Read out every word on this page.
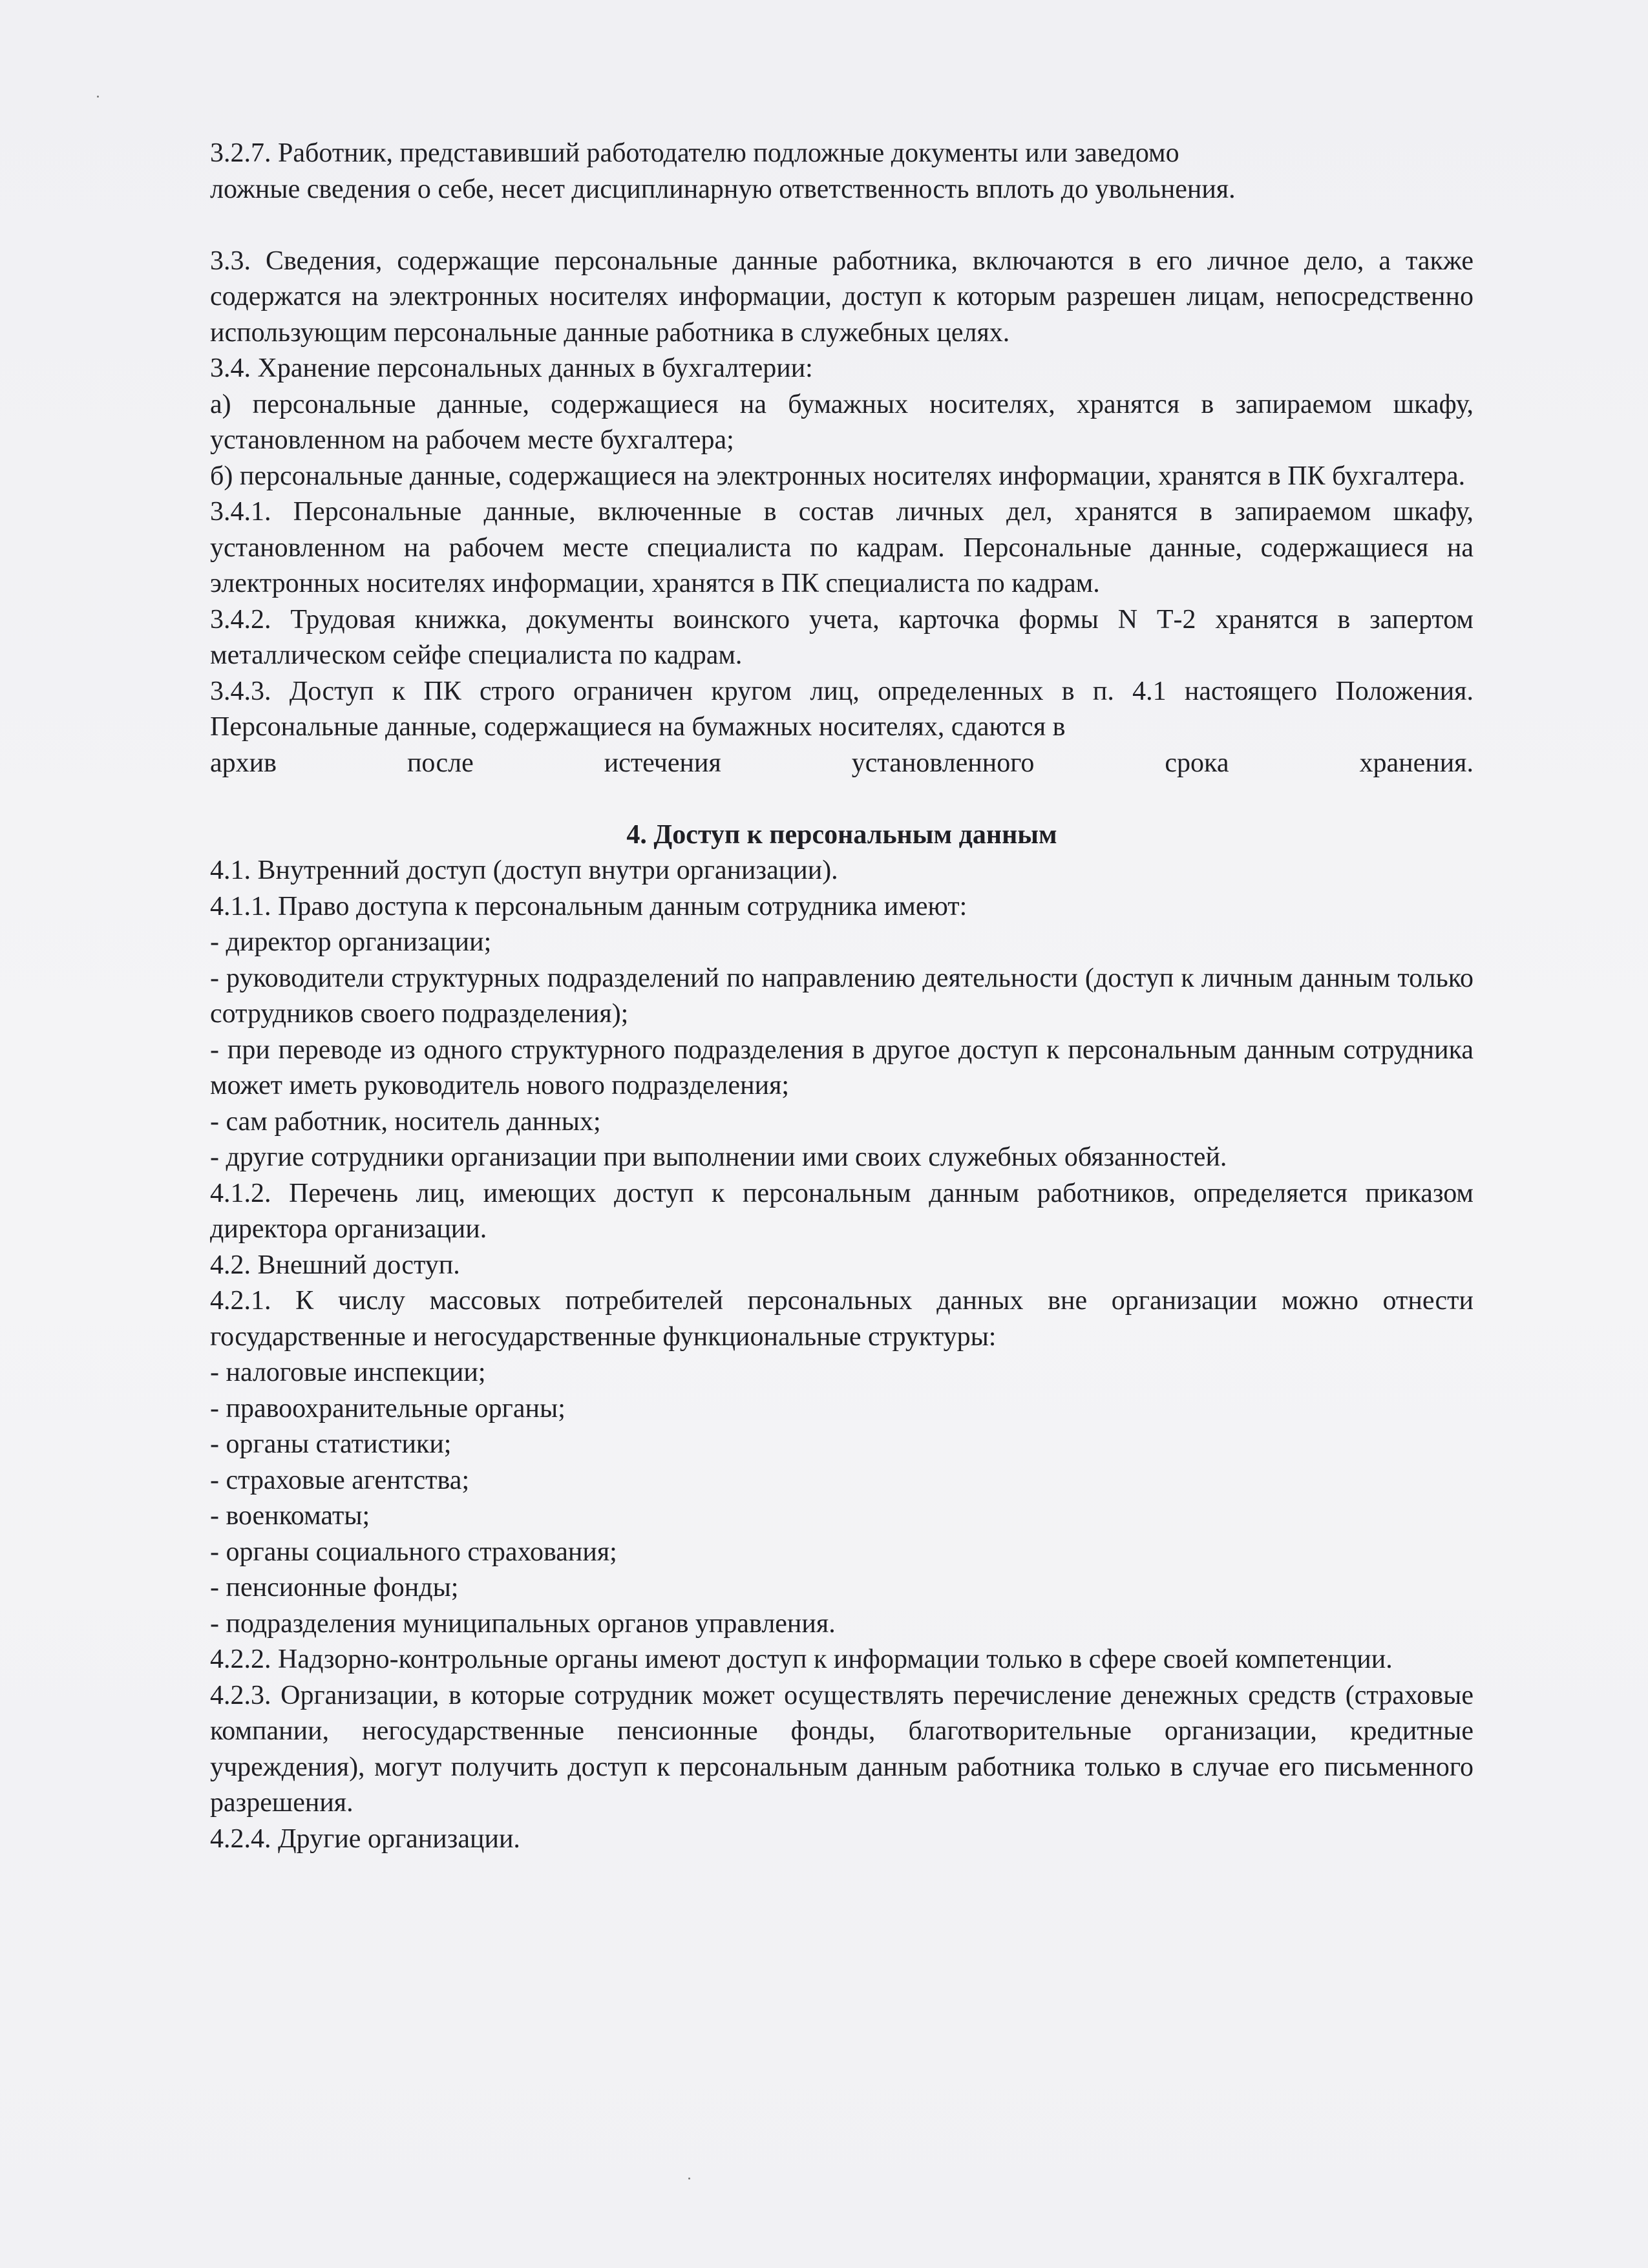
3.2.7. Работник, представивший работодателю подложные документы или заведомо

ложные сведения о себе, несет дисциплинарную ответственность вплоть до увольнения.

3.3. Сведения, содержащие персональные данные работника, включаются в его личное дело, а также содержатся на электронных носителях информации, доступ к которым разрешен лицам, непосредственно использующим персональные данные работника в служебных целях.

3.4. Хранение персональных данных в бухгалтерии:

а) персональные данные, содержащиеся на бумажных носителях, хранятся в запираемом шкафу, установленном на рабочем месте бухгалтера;

б) персональные данные, содержащиеся на электронных носителях информации, хранятся в ПК бухгалтера.

3.4.1. Персональные данные, включенные в состав личных дел, хранятся в запираемом шкафу, установленном на рабочем месте специалиста по кадрам. Персональные данные, содержащиеся на электронных носителях информации, хранятся в ПК специалиста по кадрам.

3.4.2. Трудовая книжка, документы воинского учета, карточка формы N Т-2 хранятся в запертом металлическом сейфе специалиста по кадрам.

3.4.3. Доступ к ПК строго ограничен кругом лиц, определенных в п. 4.1 настоящего Положения. Персональные данные, содержащиеся на бумажных носителях, сдаются в

архив после истечения установленного срока хранения.

4. Доступ к персональным данным

4.1. Внутренний доступ (доступ внутри организации).

4.1.1. Право доступа к персональным данным сотрудника имеют:

- директор организации;

- руководители структурных подразделений по направлению деятельности (доступ к личным данным только сотрудников своего подразделения);

- при переводе из одного структурного подразделения в другое доступ к персональным данным сотрудника может иметь руководитель нового подразделения;

- сам работник, носитель данных;

- другие сотрудники организации при выполнении ими своих служебных обязанностей.

4.1.2. Перечень лиц, имеющих доступ к персональным данным работников, определяется приказом директора организации.

4.2. Внешний доступ.

4.2.1. К числу массовых потребителей персональных данных вне организации можно отнести государственные и негосударственные функциональные структуры:

- налоговые инспекции;

- правоохранительные органы;

- органы статистики;

- страховые агентства;

- военкоматы;

- органы социального страхования;

- пенсионные фонды;

- подразделения муниципальных органов управления.

4.2.2. Надзорно-контрольные органы имеют доступ к информации только в сфере своей компетенции.

4.2.3. Организации, в которые сотрудник может осуществлять перечисление денежных средств (страховые компании, негосударственные пенсионные фонды, благотворительные организации, кредитные учреждения), могут получить доступ к персональным данным работника только в случае его письменного разрешения.

4.2.4. Другие организации.
